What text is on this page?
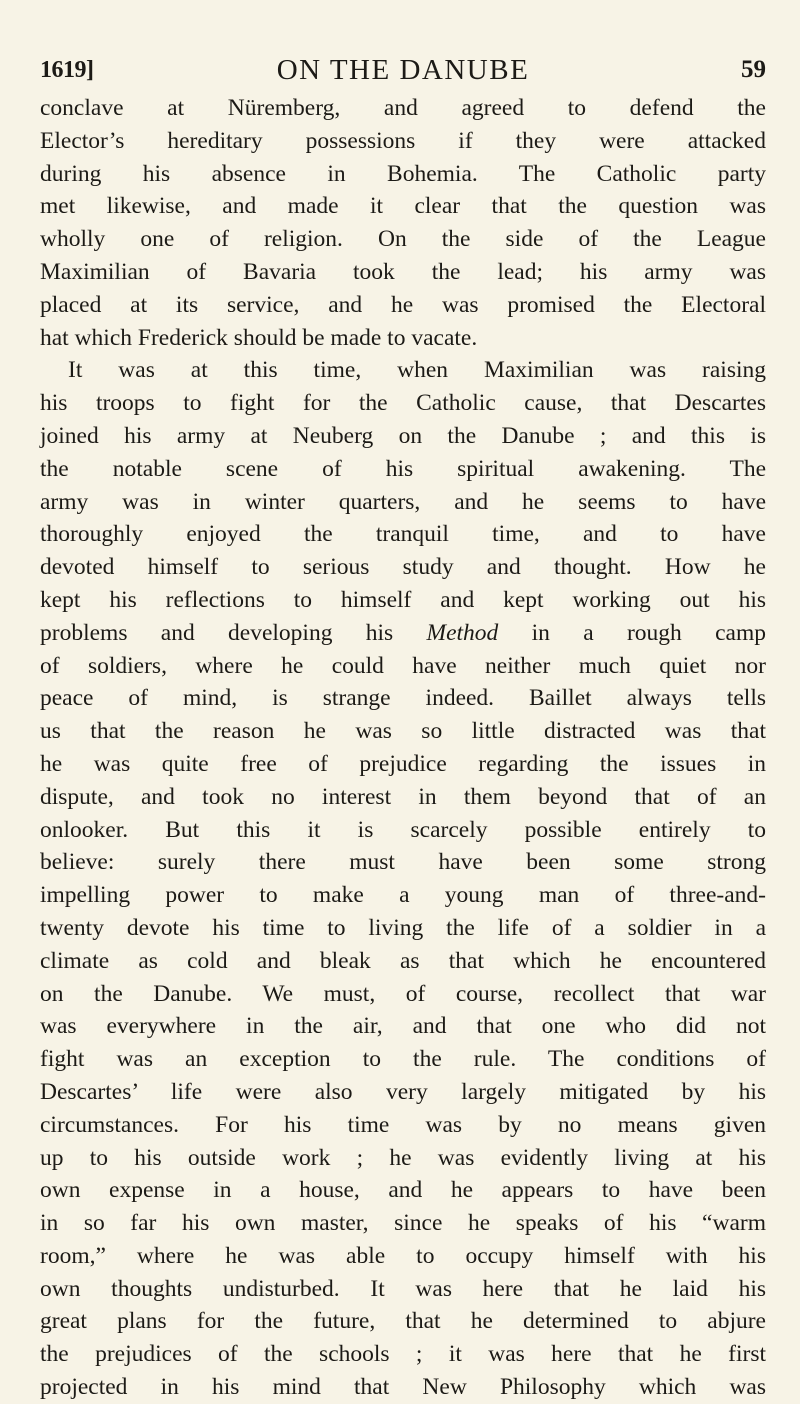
1619]	ON THE DANUBE	59
conclave at Nüremberg, and agreed to defend the
Elector’s hereditary possessions if they were attacked
during his absence in Bohemia. The Catholic party
met likewise, and made it clear that the question was
wholly one of religion. On the side of the League
Maximilian of Bavaria took the lead; his army was
placed at its service, and he was promised the Electoral
hat which Frederick should be made to vacate.
It was at this time, when Maximilian was raising
his troops to fight for the Catholic cause, that Descartes
joined his army at Neuberg on the Danube ; and this is
the notable scene of his spiritual awakening. The
army was in winter quarters, and he seems to have
thoroughly enjoyed the tranquil time, and to have
devoted himself to serious study and thought. How he
kept his reflections to himself and kept working out his
problems and developing his Method in a rough camp
of soldiers, where he could have neither much quiet nor
peace of mind, is strange indeed. Baillet always tells
us that the reason he was so little distracted was that
he was quite free of prejudice regarding the issues in
dispute, and took no interest in them beyond that of an
onlooker. But this it is scarcely possible entirely to
believe: surely there must have been some strong
impelling power to make a young man of three-and-
twenty devote his time to living the life of a soldier in a
climate as cold and bleak as that which he encountered
on the Danube. We must, of course, recollect that war
was everywhere in the air, and that one who did not
fight was an exception to the rule. The conditions of
Descartes’ life were also very largely mitigated by his
circumstances. For his time was by no means given
up to his outside work ; he was evidently living at his
own expense in a house, and he appears to have been
in so far his own master, since he speaks of his “warm
room,” where he was able to occupy himself with his
own thoughts undisturbed. It was here that he laid his
great plans for the future, that he determined to abjure
the prejudices of the schools ; it was here that he first
projected in his mind that New Philosophy which was
